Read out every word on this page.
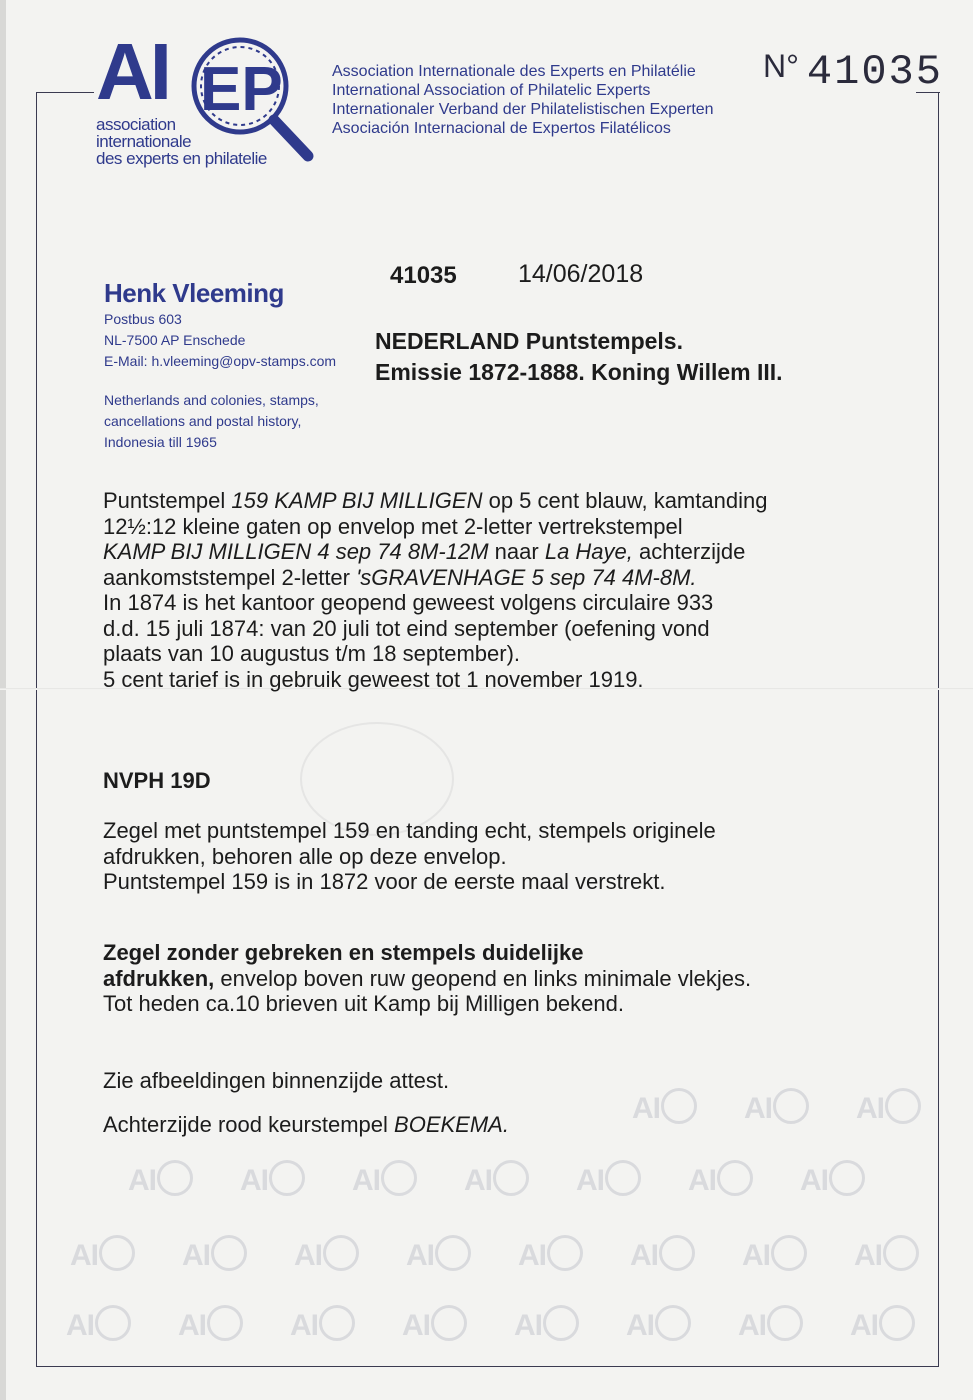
AI EP
association
internationale
des experts en philatelie
Association Internationale des Experts en Philatélie
International Association of Philatelic Experts
Internationaler Verband der Philatelistischen Experten
Asociación Internacional de Expertos Filatélicos
N° 41035
Henk Vleeming
Postbus 603
NL-7500 AP Enschede
E-Mail: h.vleeming@opv-stamps.com
Netherlands and colonies, stamps,
cancellations and postal history,
Indonesia till 1965
41035 14/06/2018
NEDERLAND Puntstempels.
Emissie 1872-1888. Koning Willem III.
Puntstempel 159 KAMP BIJ MILLIGEN op 5 cent blauw, kamtanding
12½:12 kleine gaten op envelop met 2-letter vertrekstempel
KAMP BIJ MILLIGEN 4 sep 74 8M-12M naar La Haye, achterzijde
aankomststempel 2-letter 'sGRAVENHAGE 5 sep 74 4M-8M.
In 1874 is het kantoor geopend geweest volgens circulaire 933
d.d. 15 juli 1874: van 20 juli tot eind september (oefening vond
plaats van 10 augustus t/m 18 september).
5 cent tarief is in gebruik geweest tot 1 november 1919.
NVPH 19D
Zegel met puntstempel 159 en tanding echt, stempels originele
afdrukken, behoren alle op deze envelop.
Puntstempel 159 is in 1872 voor de eerste maal verstrekt.
Zegel zonder gebreken en stempels duidelijke
afdrukken, envelop boven ruw geopend en links minimale vlekjes.
Tot heden ca.10 brieven uit Kamp bij Milligen bekend.
Zie afbeeldingen binnenzijde attest.
Achterzijde rood keurstempel BOEKEMA.	AI	AI	AI
AI	AI	AI	AI	AI	AI	AI
AI	AI	AI	AI	AI	AI	AI	AI
AI	AI	AI	AI	AI	AI	AI	AI
